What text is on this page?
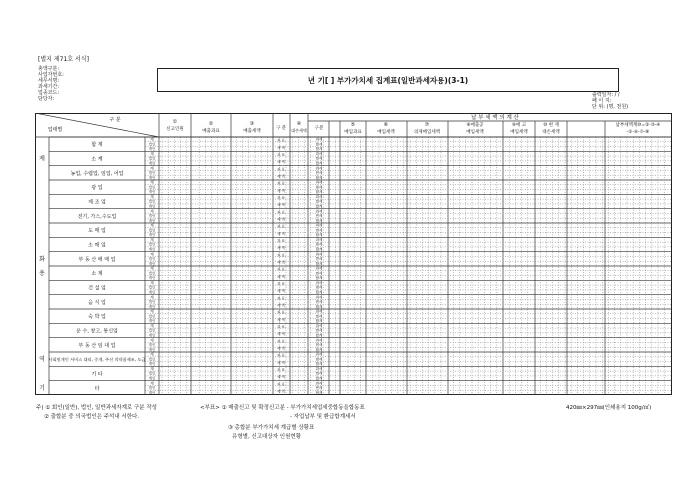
[별지 제71호 서식]
총액구분:
사업자번호:
세무서명:
과세기간:
업종코드:
담당자:
년 기[ ] 부가가치세 집계표(일반과세자용)(3-1)
출력일자: / /
페 이 지:
단 위: (명, 천원)
구 분
업태별
①
신고인원
②
매출과표
③
매출세액
구 분
④
대손세액
납 부 세 액 의 계 산
구분
⑤
매입과표
⑥
매입세액
⑦
의제매입세액
⑧매출공
매입세액
⑨매 고
매입세액
⑩ 현 재
대손세액
납부세액계⑩=②-③-④
-⑤-⑥-⑦-⑧
합 계
계
법인
개인
과 표
세 액
과세
면세
합계
소 계
제
계
법인
개인
과 표
세 액
과세
면세
합계
농업, 수렵업, 임업, 어업
계
법인
개인
과 표
세 액
과세
면세
합계
광 업
계
법인
개인
과 표
세 액
과세
면세
합계
제 조 업
계
법인
개인
과 표
세 액
과세
면세
합계
전기, 가스,수도업
계
법인
개인
과 표
세 액
과세
면세
합계
도 매 업
계
법인
개인
과 표
세 액
과세
면세
합계
소 매 업
계
법인
개인
과 표
세 액
과세
면세
합계
부 동 산 매 매 업
화
계
법인
개인
과 표
세 액
과세
면세
합계
소 계
용
계
법인
개인
과 표
세 액
과세
면세
합계
건 설 업
계
법인
개인
과 표
세 액
과세
면세
합계
음 식 업
계
법인
개인
과 표
세 액
과세
면세
합계
숙 박 업
계
법인
개인
과 표
세 액
과세
면세
합계
운 수, 창고, 통신업
계
법인
개인
과 표
세 액
과세
면세
합계
부 동 산 임 대 업
계
법인
개인
과 표
세 액
과세
면세
합계
사회및개인 서비스 대리, 중개, 주선 의약품제조, 도금
역
계
법인
개인
과 표
세 액
과세
면세
합계
기 타
계
법인
개인
과 표
세 액
과세
면세
합계
타
기
계
법인
개인
과 표
세 액
과세
면세
합계
주) ① 회인(일반), 법인, 일반과세자계로 구분 작성
② 출합분 중 의국법인은 주석내 서한다.
<부표> ① 매출신고 및 확정신고분 - 부가가치세업세중합동을합동표
- 자업납부 및 환급합계세서
③ 총합분 부가가치세 계급별 상황표
유형별, 신고대상자 인원현황
420㎜×297㎜(인쇄용지 100g/㎡)
